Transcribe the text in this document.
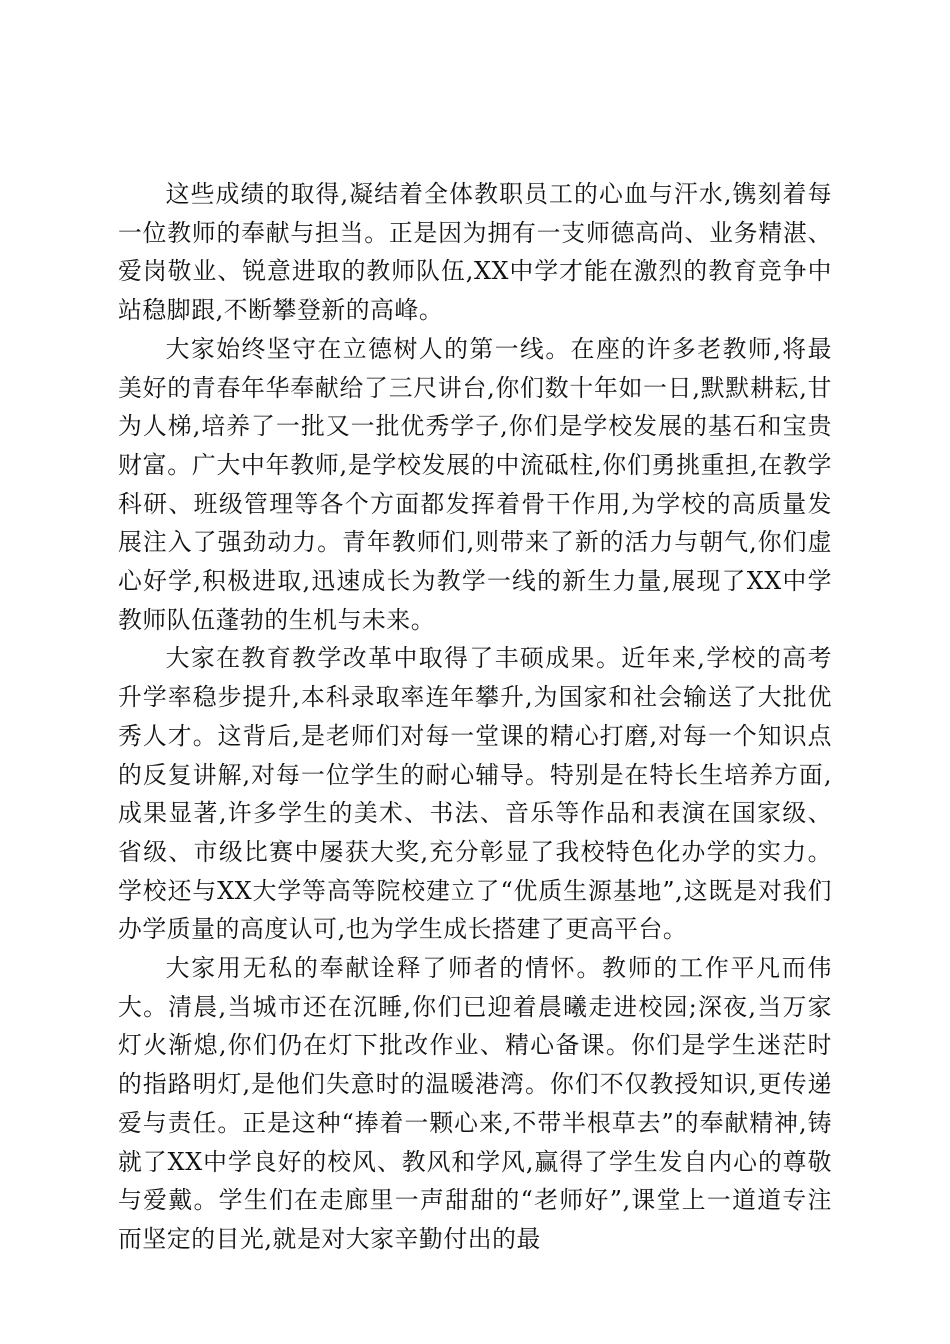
这些成绩的取得,凝结着全体教职员工的心血与汗水,镌刻着每一位教师的奉献与担当。正是因为拥有一支师德高尚、业务精湛、爱岗敬业、锐意进取的教师队伍,XX中学才能在激烈的教育竞争中站稳脚跟,不断攀登新的高峰。

大家始终坚守在立德树人的第一线。在座的许多老教师,将最美好的青春年华奉献给了三尺讲台,你们数十年如一日,默默耕耘,甘为人梯,培养了一批又一批优秀学子,你们是学校发展的基石和宝贵财富。广大中年教师,是学校发展的中流砥柱,你们勇挑重担,在教学科研、班级管理等各个方面都发挥着骨干作用,为学校的高质量发展注入了强劲动力。青年教师们,则带来了新的活力与朝气,你们虚心好学,积极进取,迅速成长为教学一线的新生力量,展现了XX中学教师队伍蓬勃的生机与未来。

大家在教育教学改革中取得了丰硕成果。近年来,学校的高考升学率稳步提升,本科录取率连年攀升,为国家和社会输送了大批优秀人才。这背后,是老师们对每一堂课的精心打磨,对每一个知识点的反复讲解,对每一位学生的耐心辅导。特别是在特长生培养方面,成果显著,许多学生的美术、书法、音乐等作品和表演在国家级、省级、市级比赛中屡获大奖,充分彰显了我校特色化办学的实力。学校还与XX大学等高等院校建立了“优质生源基地”,这既是对我们办学质量的高度认可,也为学生成长搭建了更高平台。

大家用无私的奉献诠释了师者的情怀。教师的工作平凡而伟大。清晨,当城市还在沉睡,你们已迎着晨曦走进校园;深夜,当万家灯火渐熄,你们仍在灯下批改作业、精心备课。你们是学生迷茫时的指路明灯,是他们失意时的温暖港湾。你们不仅教授知识,更传递爱与责任。正是这种“捧着一颗心来,不带半根草去”的奉献精神,铸就了XX中学良好的校风、教风和学风,赢得了学生发自内心的尊敬与爱戴。学生们在走廊里一声甜甜的“老师好”,课堂上一道道专注而坚定的目光,就是对大家辛勤付出的最
